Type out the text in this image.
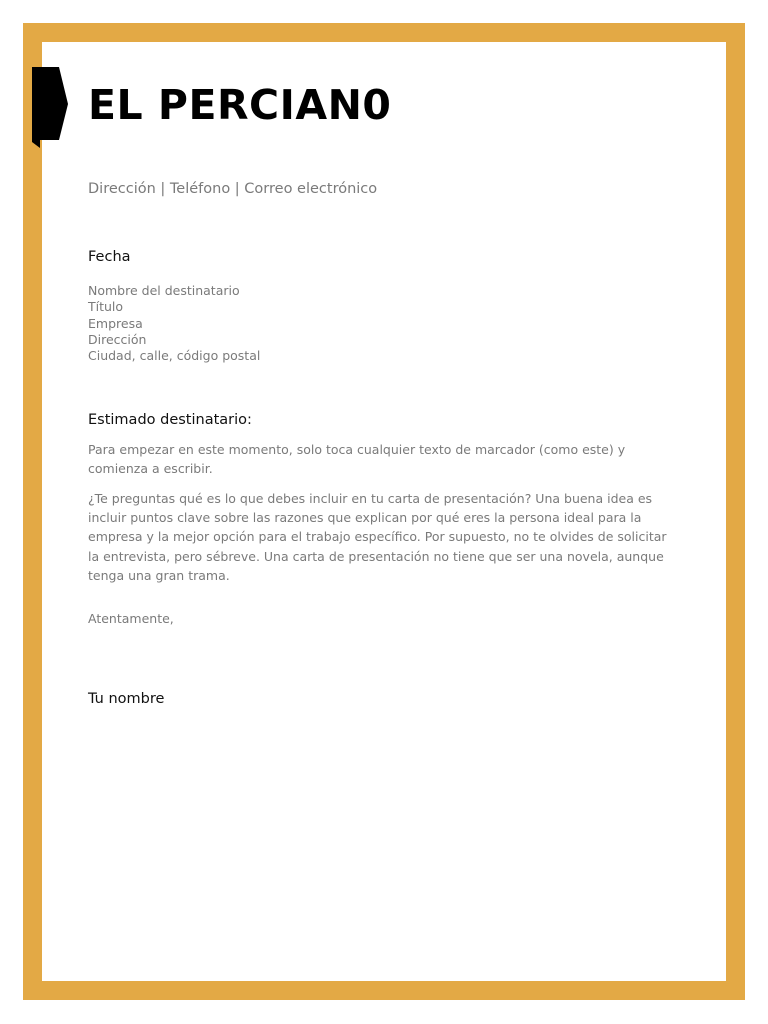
EL PERCIAN0
Dirección | Teléfono | Correo electrónico
Fecha
Nombre del destinatario
Título
Empresa
Dirección
Ciudad, calle, código postal
Estimado destinatario:

Para empezar en este momento, solo toca cualquier texto de marcador (como este) y comienza a escribir.

¿Te preguntas qué es lo que debes incluir en tu carta de presentación? Una buena idea es incluir puntos clave sobre las razones que explican por qué eres la persona ideal para la empresa y la mejor opción para el trabajo específico. Por supuesto, no te olvides de solicitar la entrevista, pero sébreve. Una carta de presentación no tiene que ser una novela, aunque tenga una gran trama.

Atentamente,
Tu nombre
